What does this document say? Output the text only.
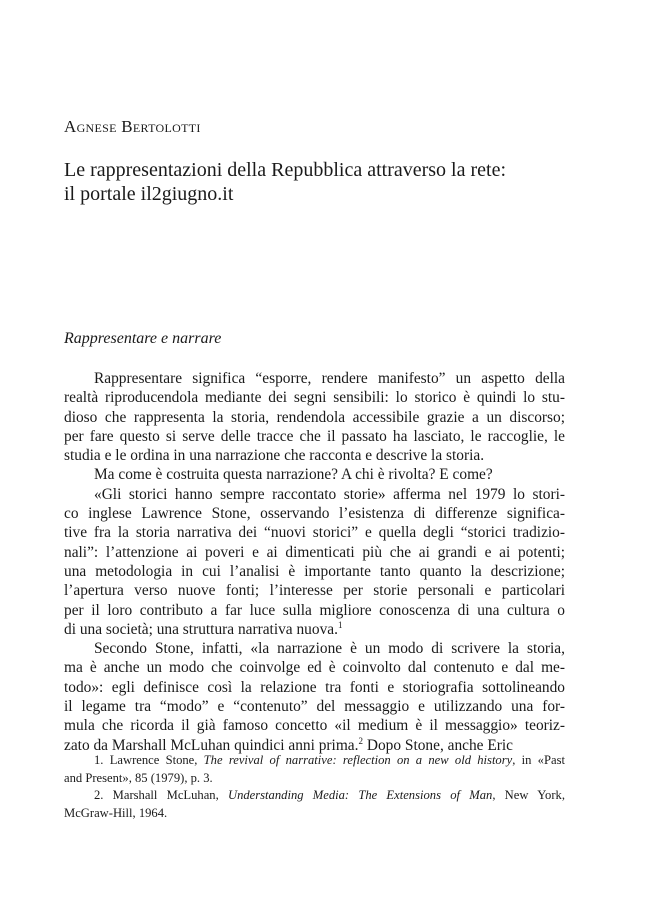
Agnese Bertolotti
Le rappresentazioni della Repubblica attraverso la rete:
il portale il2giugno.it
Rappresentare e narrare
Rappresentare significa “esporre, rendere manifesto” un aspetto della
realtà riproducendola mediante dei segni sensibili: lo storico è quindi lo stu-
dioso che rappresenta la storia, rendendola accessibile grazie a un discorso;
per fare questo si serve delle tracce che il passato ha lasciato, le raccoglie, le
studia e le ordina in una narrazione che racconta e descrive la storia.
Ma come è costruita questa narrazione? A chi è rivolta? E come?
«Gli storici hanno sempre raccontato storie» afferma nel 1979 lo stori-
co inglese Lawrence Stone, osservando l’esistenza di differenze significa-
tive fra la storia narrativa dei “nuovi storici” e quella degli “storici tradizio-
nali”: l’attenzione ai poveri e ai dimenticati più che ai grandi e ai potenti;
una metodologia in cui l’analisi è importante tanto quanto la descrizione;
l’apertura verso nuove fonti; l’interesse per storie personali e particolari
per il loro contributo a far luce sulla migliore conoscenza di una cultura o
di una società; una struttura narrativa nuova.$^1$
Secondo Stone, infatti, «la narrazione è un modo di scrivere la storia,
ma è anche un modo che coinvolge ed è coinvolto dal contenuto e dal me-
todo»: egli definisce così la relazione tra fonti e storiografia sottolineando
il legame tra “modo” e “contenuto” del messaggio e utilizzando una for-
mula che ricorda il già famoso concetto «il medium è il messaggio» teoriz-
zato da Marshall McLuhan quindici anni prima.$^2$ Dopo Stone, anche Eric
1. Lawrence Stone, The revival of narrative: reflection on a new old history, in «Past
and Present», 85 (1979), p. 3.
2. Marshall McLuhan, Understanding Media: The Extensions of Man, New York,
McGraw-Hill, 1964.
